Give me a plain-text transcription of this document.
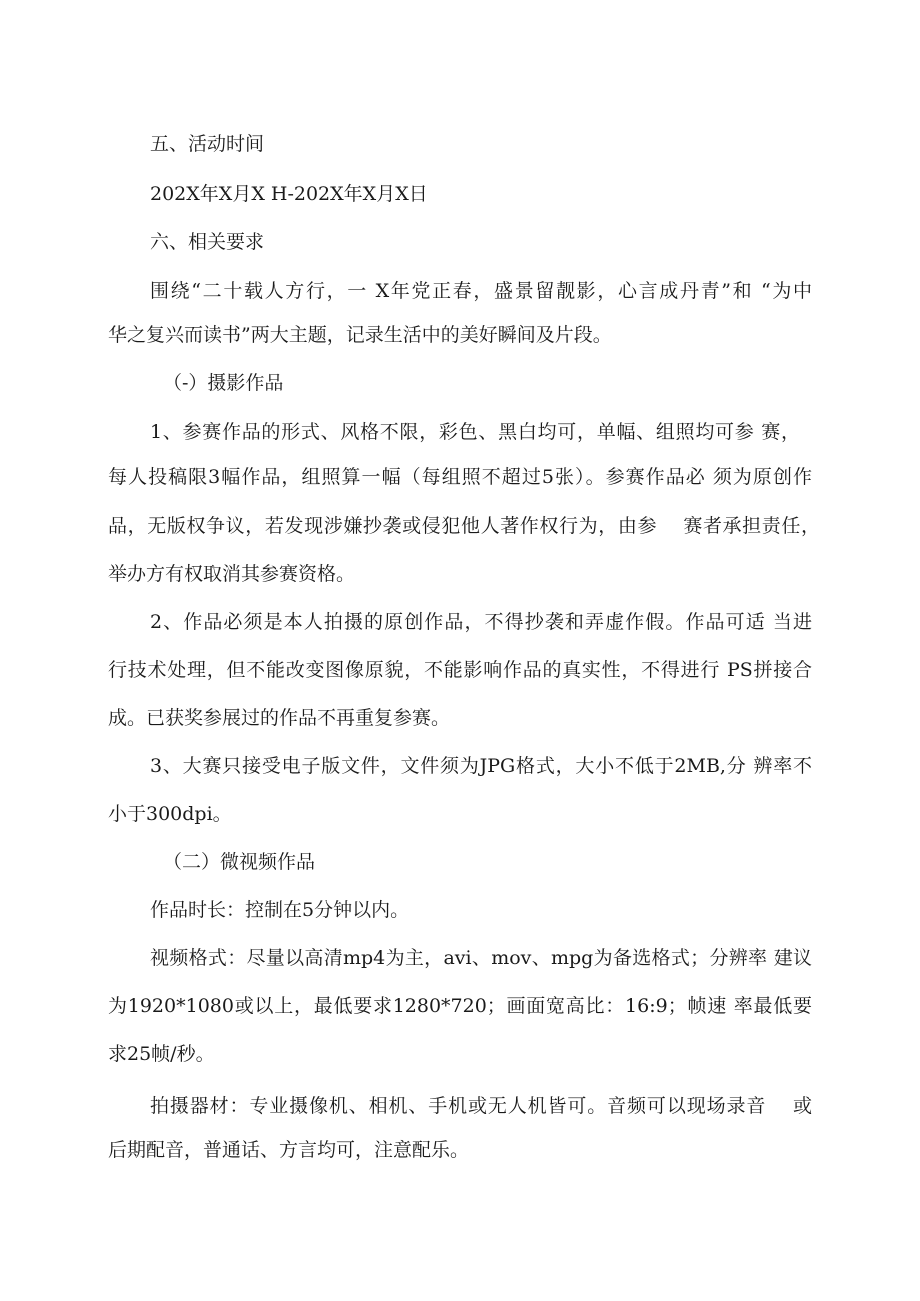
五、活动时间
202X年X月X H-202X年X月X日
六、相关要求
围绕“二十载人方行，一 X年党正春，盛景留靓影，心言成丹青”和 “为中
华之复兴而读书”两大主题，记录生活中的美好瞬间及片段。
（-）摄影作品
1、参赛作品的形式、风格不限，彩色、黑白均可，单幅、组照均可参 赛，
每人投稿限3幅作品，组照算一幅（每组照不超过5张）。参赛作品必 须为原创作
品，无版权争议，若发现涉嫌抄袭或侵犯他人著作权行为，由参　 赛者承担责任，
举办方有权取消其参赛资格。
2、作品必须是本人拍摄的原创作品，不得抄袭和弄虚作假。作品可适 当进
行技术处理，但不能改变图像原貌，不能影响作品的真实性，不得进行 PS拼接合
成。已获奖参展过的作品不再重复参赛。
3、大赛只接受电子版文件，文件须为JPG格式，大小不低于2MB,分 辨率不
小于300dpi。
（二）微视频作品
作品时长：控制在5分钟以内。
视频格式：尽量以高清mp4为主，avi、mov、mpg为备选格式；分辨率 建议
为1920*1080或以上，最低要求1280*720；画面宽高比：16:9；帧速 率最低要
求25帧/秒。
拍摄器材：专业摄像机、相机、手机或无人机皆可。音频可以现场录音　 或
后期配音，普通话、方言均可，注意配乐。
